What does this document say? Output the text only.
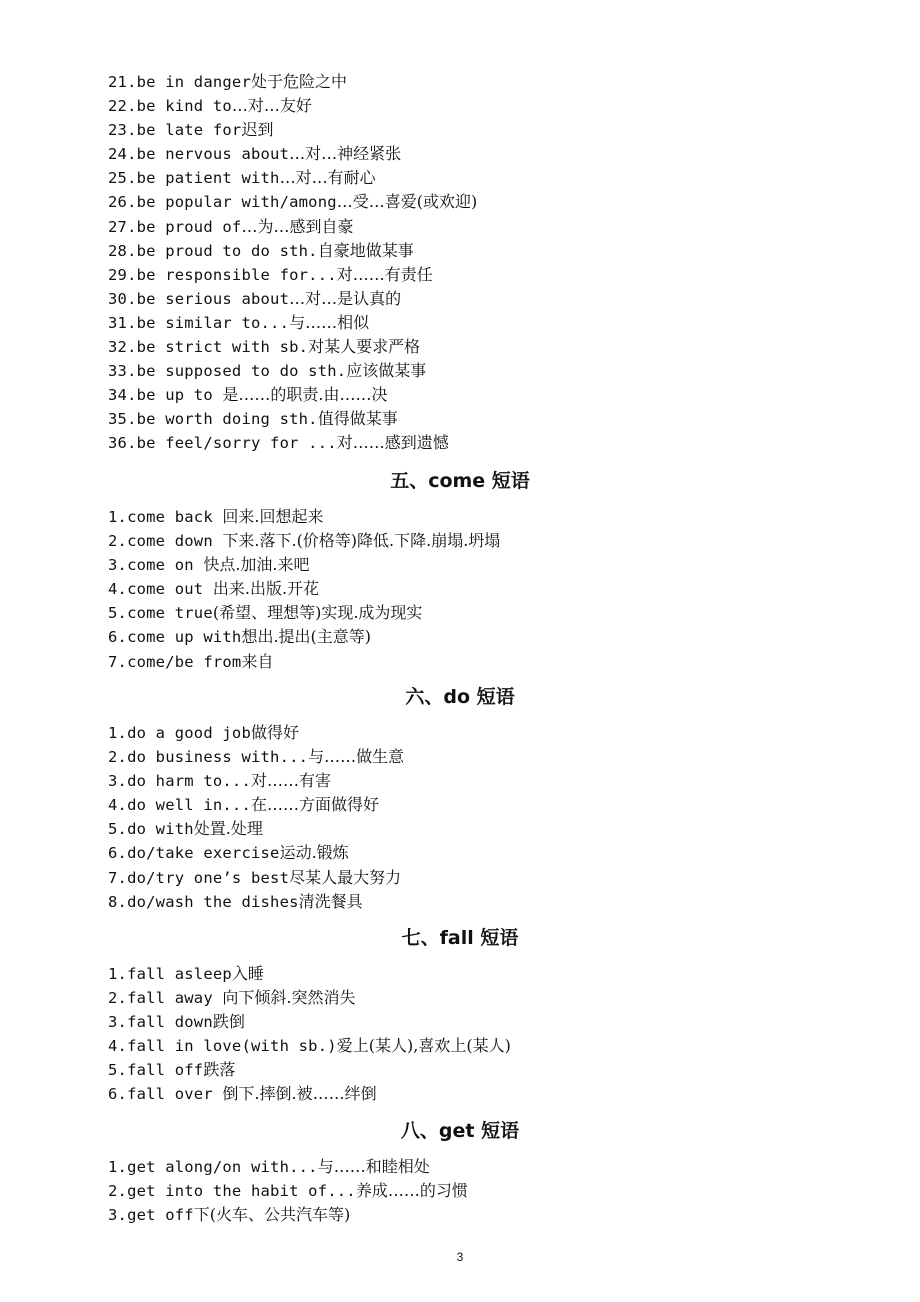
21.be in danger处于危险之中
22.be kind to…对…友好
23.be late for迟到
24.be nervous about…对…神经紧张
25.be patient with…对…有耐心
26.be popular with/among…受…喜爱(或欢迎)
27.be proud of…为…感到自豪
28.be proud to do sth.自豪地做某事
29.be responsible for...对……有责任
30.be serious about…对…是认真的
31.be similar to...与……相似
32.be strict with sb.对某人要求严格
33.be supposed to do sth.应该做某事
34.be up to 是……的职责.由……决
35.be worth doing sth.值得做某事
36.be feel/sorry for ...对……感到遗憾
五、come 短语
1.come back 回来.回想起来
2.come down 下来.落下.(价格等)降低.下降.崩塌.坍塌
3.come on 快点.加油.来吧
4.come out 出来.出版.开花
5.come true(希望、理想等)实现.成为现实
6.come up with想出.提出(主意等)
7.come/be from来自
六、do 短语
1.do a good job做得好
2.do business with...与……做生意
3.do harm to...对……有害
4.do well in...在……方面做得好
5.do with处置.处理
6.do/take exercise运动.锻炼
7.do/try one’s best尽某人最大努力
8.do/wash the dishes清洗餐具
七、fall 短语
1.fall asleep入睡
2.fall away 向下倾斜.突然消失
3.fall down跌倒
4.fall in love(with sb.)爱上(某人),喜欢上(某人)
5.fall off跌落
6.fall over 倒下.摔倒.被……绊倒
八、get 短语
1.get along/on with...与……和睦相处
2.get into the habit of...养成……的习惯
3.get off下(火车、公共汽车等)
3
